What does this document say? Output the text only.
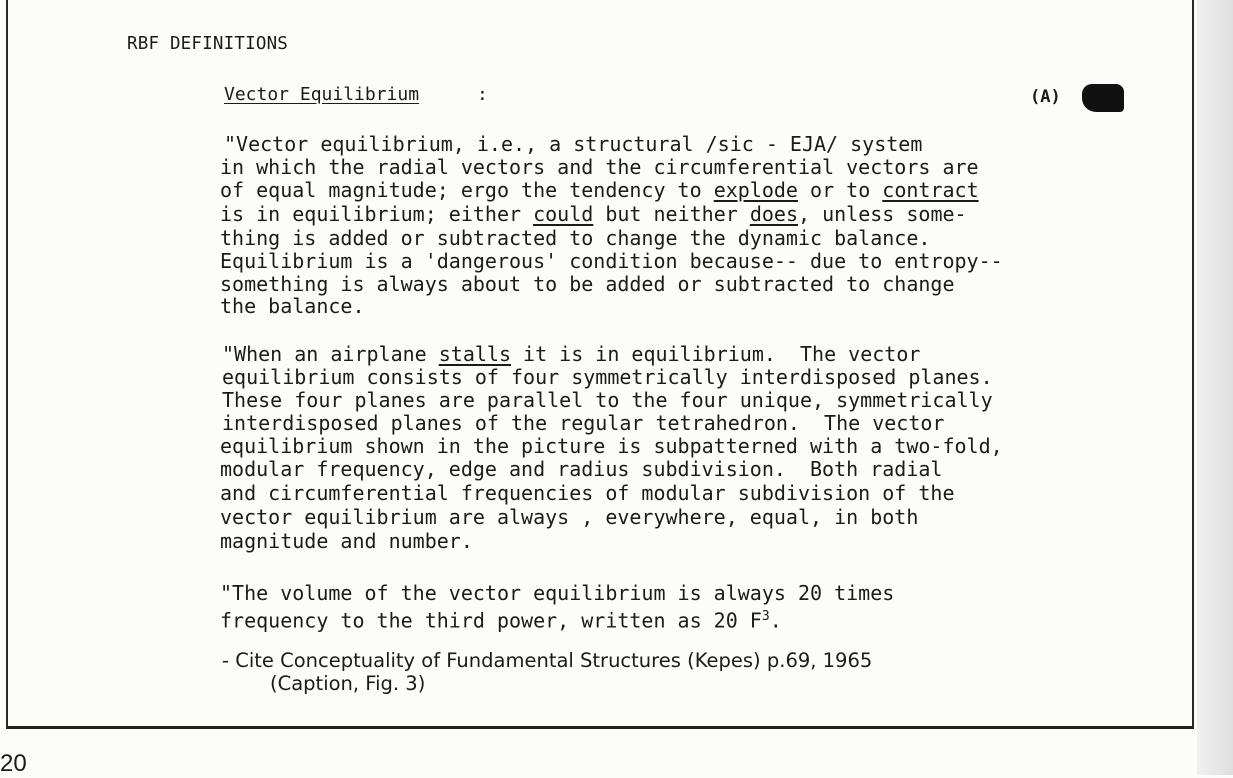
RBF DEFINITIONS
Vector Equilibrium	:	(A)
"Vector equilibrium, i.e., a structural /sic - EJA/ system
in which the radial vectors and the circumferential vectors are
of equal magnitude; ergo the tendency to explode or to contract
is in equilibrium; either could but neither does, unless some-
thing is added or subtracted to change the dynamic balance.
Equilibrium is a 'dangerous' condition because-- due to entropy--
something is always about to be added or subtracted to change
the balance.
"When an airplane stalls it is in equilibrium.  The vector
equilibrium consists of four symmetrically interdisposed planes.
These four planes are parallel to the four unique, symmetrically
interdisposed planes of the regular tetrahedron.  The vector
equilibrium shown in the picture is subpatterned with a two-fold,
modular frequency, edge and radius subdivision.  Both radial
and circumferential frequencies of modular subdivision of the
vector equilibrium are always , everywhere, equal, in both
magnitude and number.
"The volume of the vector equilibrium is always 20 times
frequency to the third power, written as 20 $F^3$.
- Cite Conceptuality of Fundamental Structures (Kepes) p.69, 1965
(Caption, Fig. 3)
20
